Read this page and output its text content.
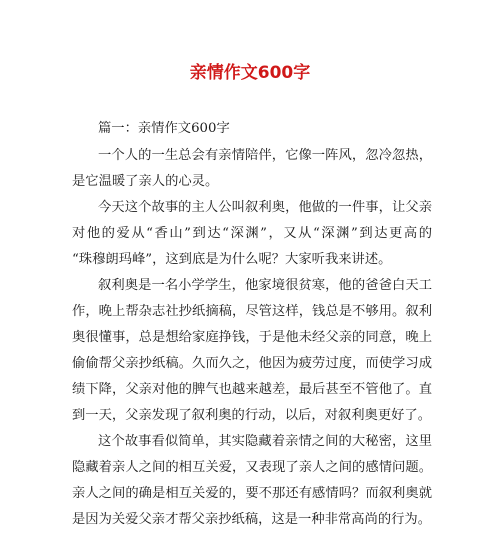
亲情作文600字
篇一：亲情作文600字
一个人的一生总会有亲情陪伴，它像一阵风，忽冷忽热，
是它温暖了亲人的心灵。
今天这个故事的主人公叫叙利奥，他做的一件事，让父亲
对他的爱从“香山”到达“深渊”，又从“深渊”到达更高的
“珠穆朗玛峰”，这到底是为什么呢？大家听我来讲述。
叙利奥是一名小学学生，他家境很贫寒，他的爸爸白天工
作，晚上帮杂志社抄纸摘稿，尽管这样，钱总是不够用。叙利
奥很懂事，总是想给家庭挣钱，于是他未经父亲的同意，晚上
偷偷帮父亲抄纸稿。久而久之，他因为疲劳过度，而使学习成
绩下降，父亲对他的脾气也越来越差，最后甚至不管他了。直
到一天，父亲发现了叙利奥的行动，以后，对叙利奥更好了。
这个故事看似简单，其实隐藏着亲情之间的大秘密，这里
隐藏着亲人之间的相互关爱，又表现了亲人之间的感情问题。
亲人之间的确是相互关爱的，要不那还有感情吗？而叙利奥就
是因为关爱父亲才帮父亲抄纸稿，这是一种非常高尚的行为。
